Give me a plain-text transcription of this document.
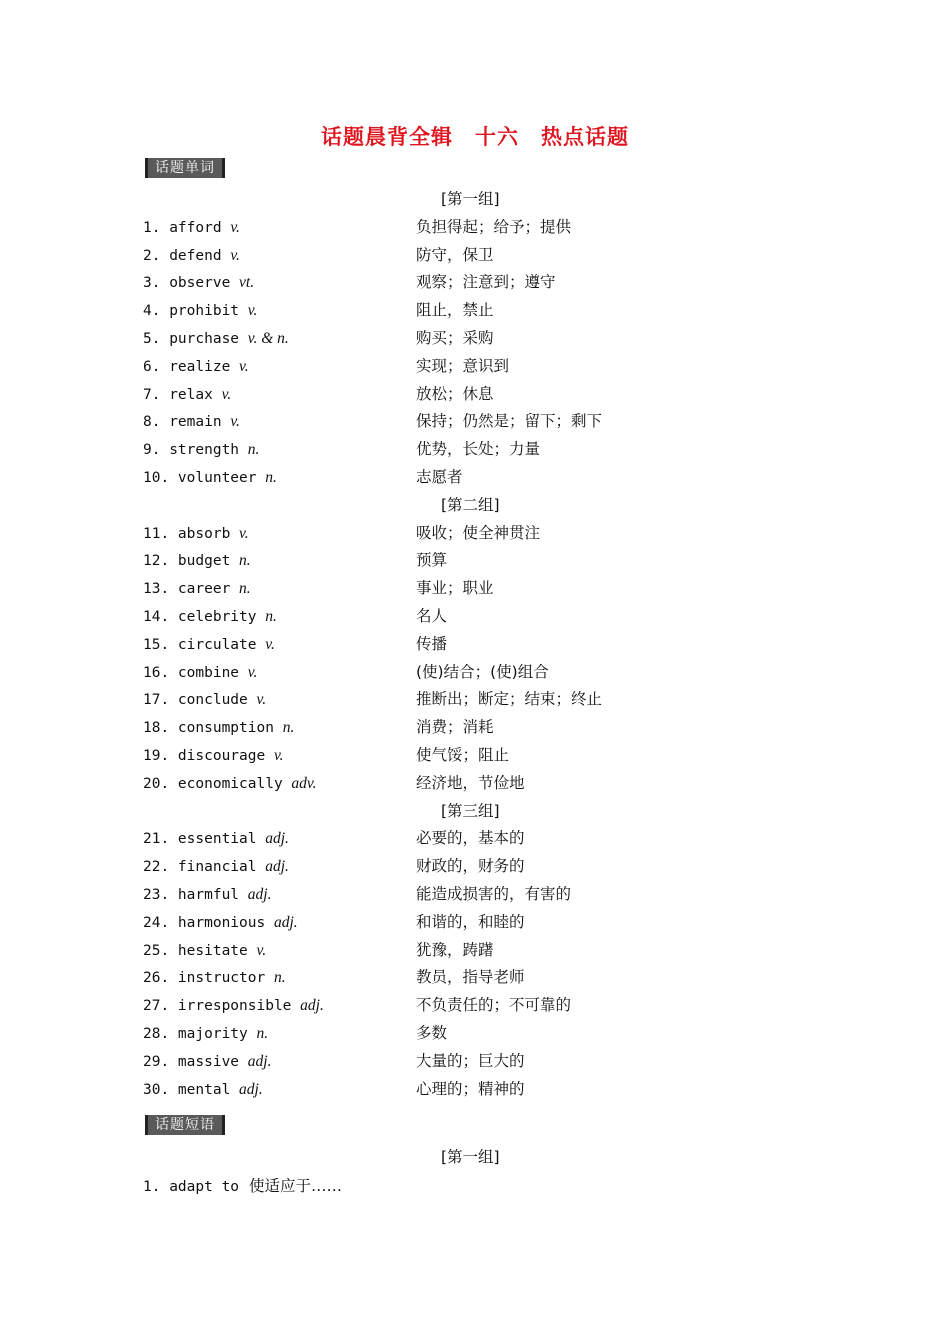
话题晨背全辑　十六　热点话题
话题单词
[第一组]
1. afford v.	负担得起；给予；提供
2. defend v.	防守，保卫
3. observe vt.	观察；注意到；遵守
4. prohibit v.	阻止，禁止
5. purchase v. & n.	购买；采购
6. realize v.	实现；意识到
7. relax v.	放松；休息
8. remain v.	保持；仍然是；留下；剩下
9. strength n.	优势，长处；力量
10. volunteer n.	志愿者
[第二组]
11. absorb v.	吸收；使全神贯注
12. budget n.	预算
13. career n.	事业；职业
14. celebrity n.	名人
15. circulate v.	传播
16. combine v.	(使)结合；(使)组合
17. conclude v.	推断出；断定；结束；终止
18. consumption n.	消费；消耗
19. discourage v.	使气馁；阻止
20. economically adv.	经济地，节俭地
[第三组]
21. essential adj.	必要的，基本的
22. financial adj.	财政的，财务的
23. harmful adj.	能造成损害的，有害的
24. harmonious adj.	和谐的，和睦的
25. hesitate v.	犹豫，踌躇
26. instructor n.	教员，指导老师
27. irresponsible adj.	不负责任的；不可靠的
28. majority n.	多数
29. massive adj.	大量的；巨大的
30. mental adj.	心理的；精神的
话题短语
[第一组]
1. adapt to 使适应于……
